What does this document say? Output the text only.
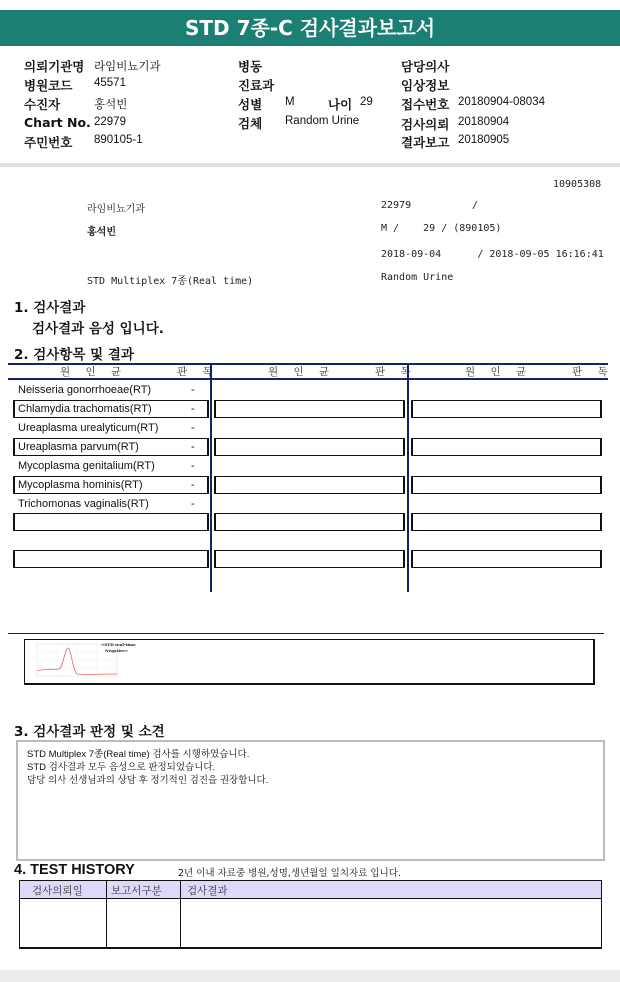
STD 7종-C 검사결과보고서
의뢰기관명 라임비뇨기과
병원코드 45571
수진자	홍석빈
Chart No. 22979
주민번호 890105-1
병동
진료과
성별 M	나이 29
검체 Random Urine
담당의사
임상정보
접수번호 20180904-08034
검사의뢰 20180904
결과보고 20180905
10905308
라임비뇨기과	22979	/
홍석빈	M /    29 / (890105)
2018-09-04      / 2018-09-05 16:16:41
STD Multiplex 7종(Real time)	Random Urine
1. 검사결과
검사결과 음성 입니다.
2. 검사항목 및 결과
원 인 균	판 독	원 인 균	판 독	원 인 균	판 독
Neisseria gonorrhoeae(RT)	-
Chlamydia trachomatis(RT)	-
Ureaplasma urealyticum(RT)	-
Ureaplasma parvum(RT)	-
Mycoplasma genitalium(RT)	-
Mycoplasma hominis(RT)	-
Trichomonas vaginalis(RT)	-
<STD real-time
Negative>
3. 검사결과 판정 및 소견
STD Multiplex 7종(Real time) 검사를 시행하였습니다.
STD 검사결과 모두 음성으로 판정되었습니다.
담당 의사 선생님과의 상담 후 정기적인 검진을 권장합니다.
4. TEST HISTORY	2년 이내 자료중 병원,성명,생년월일 일치자료 입니다.
검사의뢰일	보고서구분 검사결과
